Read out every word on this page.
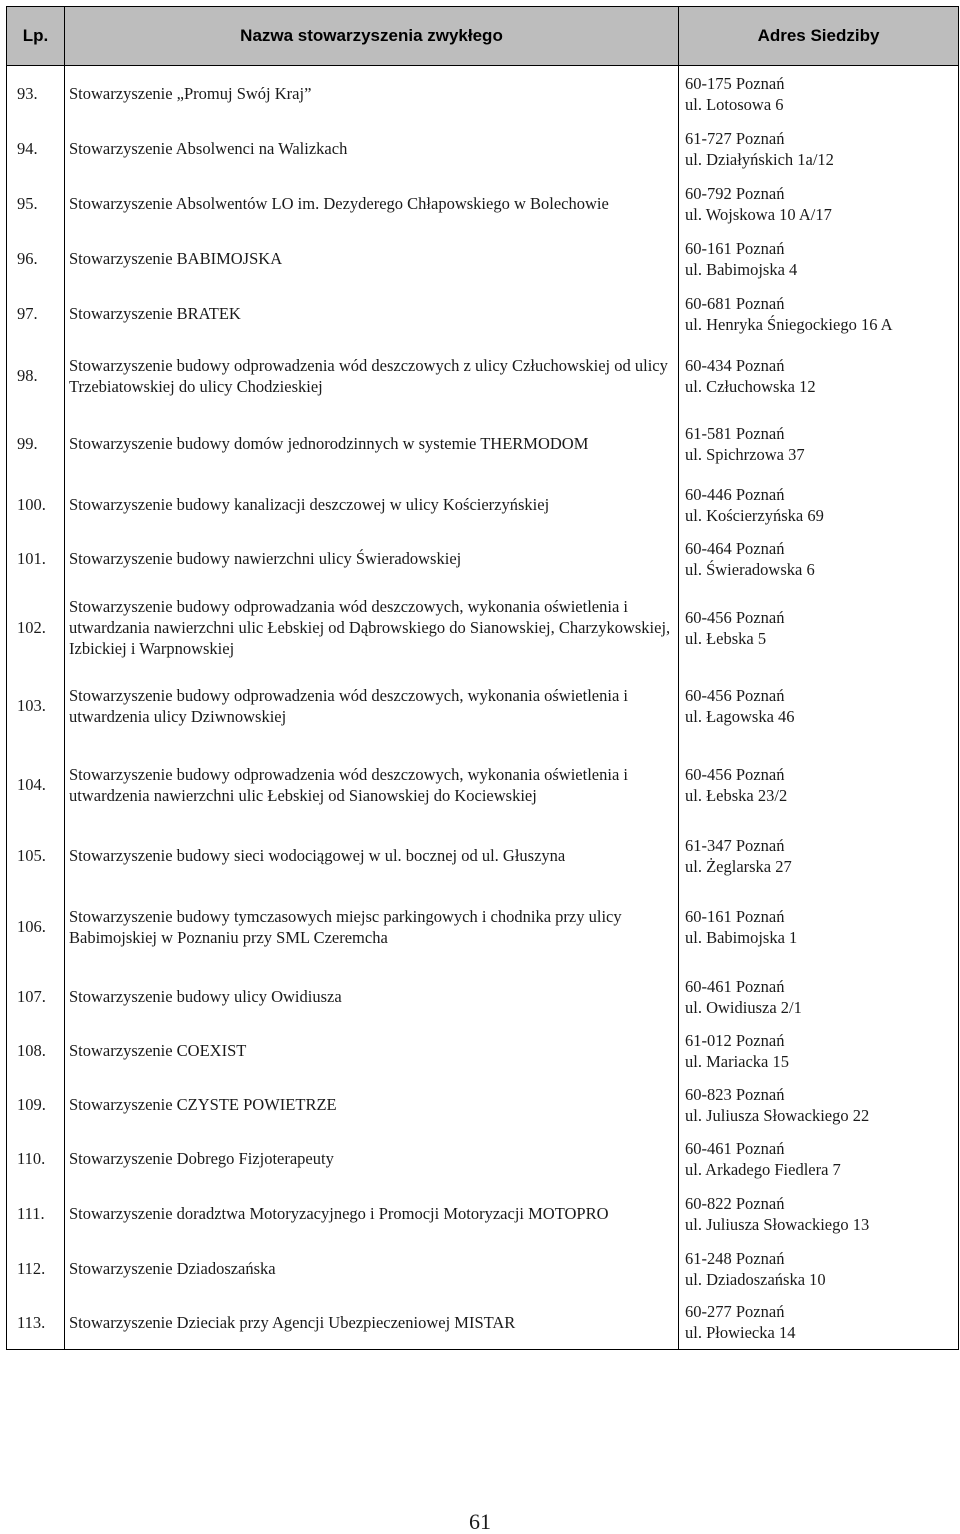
Lp.	Nazwa stowarzyszenia zwykłego	Adres Siedziby
93.	Stowarzyszenie „Promuj Swój Kraj”	60-175 Poznań
ul. Lotosowa 6

94.	Stowarzyszenie Absolwenci na Walizkach	61-727 Poznań
ul. Działyńskich 1a/12

95.	Stowarzyszenie Absolwentów LO im. Dezyderego Chłapowskiego w Bolechowie	60-792 Poznań
ul. Wojskowa 10 A/17

96.	Stowarzyszenie BABIMOJSKA	60-161 Poznań
ul. Babimojska 4

97.	Stowarzyszenie BRATEK	60-681 Poznań
ul. Henryka Śniegockiego 16 A

98.	Stowarzyszenie budowy odprowadzenia wód deszczowych z ulicy Człuchowskiej od ulicy Trzebiatowskiej do ulicy Chodzieskiej	60-434 Poznań
ul. Człuchowska 12

99.	Stowarzyszenie budowy domów jednorodzinnych w systemie THERMODOM	61-581 Poznań
ul. Spichrzowa 37

100.	Stowarzyszenie budowy kanalizacji deszczowej w ulicy Kościerzyńskiej	60-446 Poznań
ul. Kościerzyńska 69

101.	Stowarzyszenie budowy nawierzchni ulicy Świeradowskiej	60-464 Poznań
ul. Świeradowska 6

102.	Stowarzyszenie budowy odprowadzania wód deszczowych, wykonania oświetlenia i utwardzania nawierzchni ulic Łebskiej od Dąbrowskiego do Sianowskiej, Charzykowskiej, Izbickiej i Warpnowskiej	60-456 Poznań
ul. Łebska 5

103.	Stowarzyszenie budowy odprowadzenia wód deszczowych, wykonania oświetlenia i utwardzenia ulicy Dziwnowskiej	60-456 Poznań
ul. Łagowska 46

104.	Stowarzyszenie budowy odprowadzenia wód deszczowych, wykonania oświetlenia i utwardzenia nawierzchni ulic Łebskiej od Sianowskiej do Kociewskiej	60-456 Poznań
ul. Łebska 23/2

105.	Stowarzyszenie budowy sieci wodociągowej w ul. bocznej od ul. Głuszyna	61-347 Poznań
ul. Żeglarska 27

106.	Stowarzyszenie budowy tymczasowych miejsc parkingowych i chodnika przy ulicy Babimojskiej w Poznaniu przy SML Czeremcha	60-161 Poznań
ul. Babimojska 1

107.	Stowarzyszenie budowy ulicy Owidiusza	60-461 Poznań
ul. Owidiusza 2/1

108.	Stowarzyszenie COEXIST	61-012 Poznań
ul. Mariacka 15

109.	Stowarzyszenie CZYSTE POWIETRZE	60-823 Poznań
ul. Juliusza Słowackiego 22

110.	Stowarzyszenie Dobrego Fizjoterapeuty	60-461 Poznań
ul. Arkadego Fiedlera 7

111.	Stowarzyszenie doradztwa Motoryzacyjnego i Promocji Motoryzacji MOTOPRO	60-822 Poznań
ul. Juliusza Słowackiego 13

112.	Stowarzyszenie Dziadoszańska	61-248 Poznań
ul. Dziadoszańska 10

113.	Stowarzyszenie Dzieciak przy Agencji Ubezpieczeniowej MISTAR	60-277 Poznań
ul. Płowiecka 14
61
